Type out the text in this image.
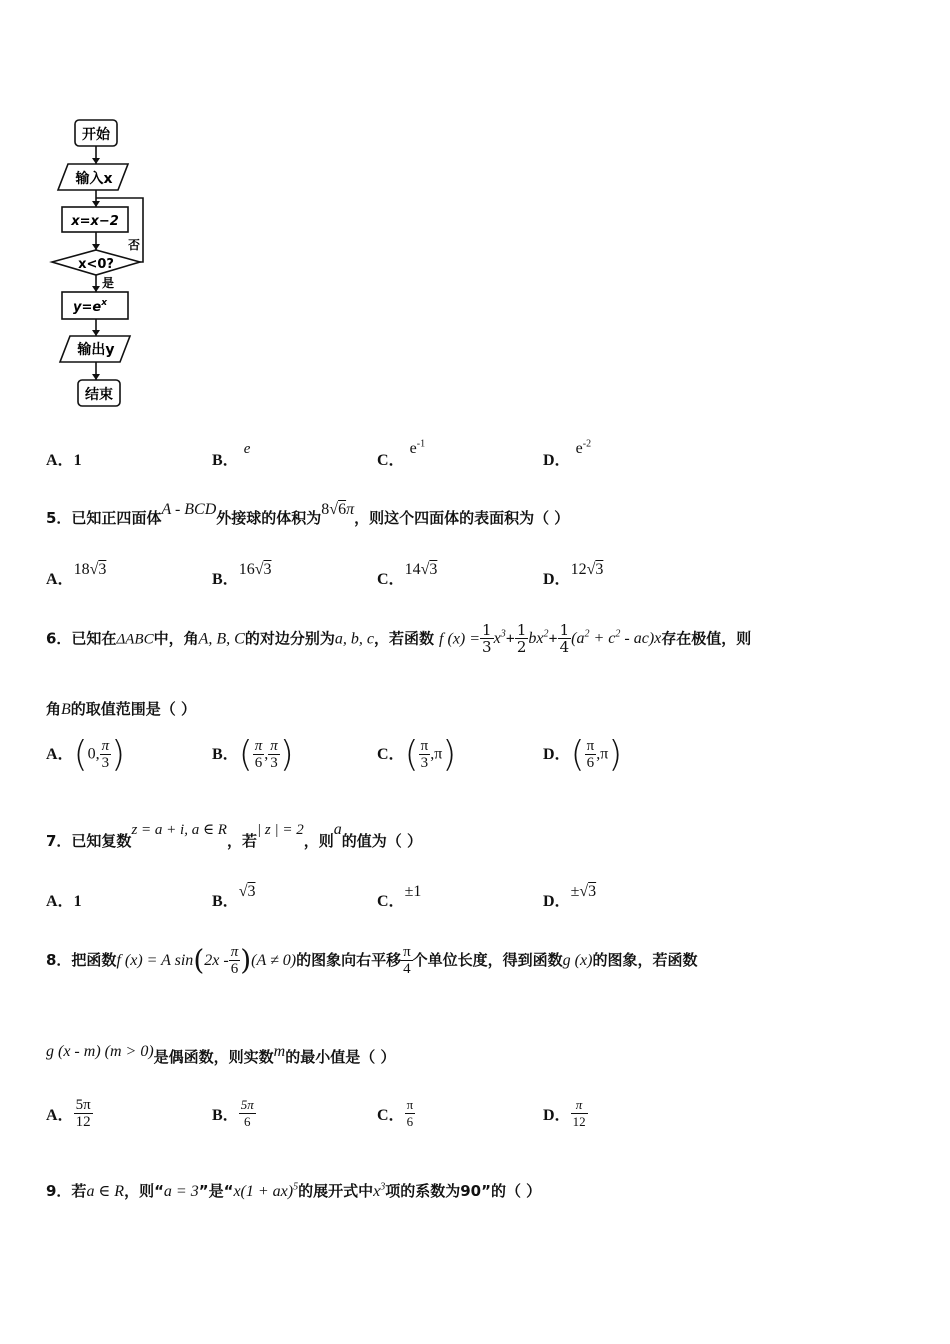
开始
输入x
x=x−2
x<0?
否
是
$y=e^x$
输出y
结束
A．1	B． e
C． $e^{-1}$
D． $e^{-2}$
5．已知正四面体A - BCD外接球的体积为8√6π，则这个四面体的表面积为（ ）
A．18√3
B．16√3
C．14√3
D．12√3
6．已知在ΔABC中，角A, B, C的对边分别为a, b, c，若函数 f $(x) = \frac{1}{3} x^3+ \frac{1}{2} bx^2+ \frac{1}{4} (a^2 + c^2 - ac)x$存在极值，则
角B的取值范围是（ ）
A．(0, $\frac{\pi}{3}$ )	B．( $\frac{\pi}{6}$ , $\frac{\pi}{3}$ )	C．( $\frac{\pi}{3} ,\pi$)	D．( $\frac{\pi}{6} ,\pi$)
7．已知复数z = a + i, a ∈ R，若| z | = 2，则a的值为（ ）
A．1	B．√3
C．±1
D．±√3
8．把函数f (x) = A $\sin(2x - \frac{\pi}{6} )(A \ne 0)$的图象向右平移 $\frac{\pi}{4}$ 个单位长度，得到函数g (x)的图象，若函数
g (x - m) (m > 0)是偶函数，则实数m的最小值是（ ）
A． $\frac{5\pi}{12}$	B． $\frac{5\pi}{6}$	C． $\frac{\pi}{6}$	D． $\frac{\pi}{12}$
9．若a ∈ R，则“a = 3”是“x(1 + ax)$^5$的展开式中$x^3$项的系数为90”的（ ）
